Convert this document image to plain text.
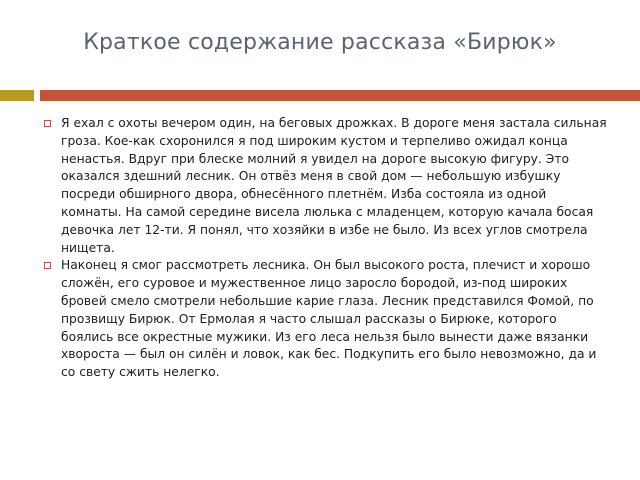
Краткое содержание рассказа «Бирюк»
Я ехал с охоты вечером один, на беговых дрожках. В дороге меня застала сильная гроза. Кое-как схоронился я под широким кустом и терпеливо ожидал конца ненастья. Вдруг при блеске молний я увидел на дороге высокую фигуру. Это оказался здешний лесник. Он отвёз меня в свой дом — небольшую избушку посреди обширного двора, обнесённого плетнём. Изба состояла из одной комнаты. На самой середине висела люлька с младенцем, которую качала босая девочка лет 12-ти. Я понял, что хозяйки в избе не было. Из всех углов смотрела нищета.
Наконец я смог рассмотреть лесника. Он был высокого роста, плечист и хорошо сложён, его суровое и мужественное лицо заросло бородой, из-под широких бровей смело смотрели небольшие карие глаза. Лесник представился Фомой, по прозвищу Бирюк. От Ермолая я часто слышал рассказы о Бирюке, которого боялись все окрестные мужики. Из его леса нельзя было вынести даже вязанки хвороста — был он силён и ловок, как бес. Подкупить его было невозможно, да и со свету сжить нелегко.
